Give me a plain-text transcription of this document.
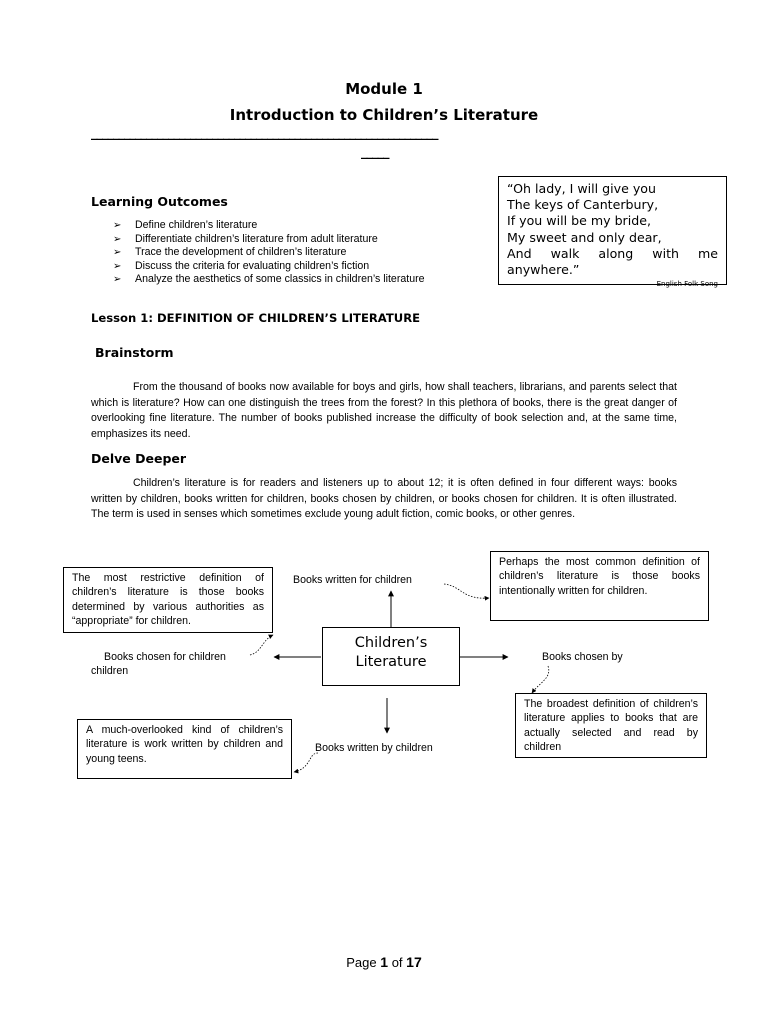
Module 1
Introduction to Children’s Literature
_______________________________________________________________
_____
Learning Outcomes
➢	Define children’s literature
➢	Differentiate children’s literature from adult literature
➢	Trace the development of children’s literature
➢	Discuss the criteria for evaluating children’s fiction
➢	Analyze the aesthetics of some classics in children’s literature
“Oh lady, I will give you
The keys of Canterbury,
If you will be my bride,
My sweet and only dear,
And walk along with me
anywhere.”
English Folk Song
Lesson 1: DEFINITION OF CHILDREN’S LITERATURE
Brainstorm
From the thousand of books now available for boys and girls, how shall teachers, librarians, and parents select that which is literature? How can one distinguish the trees from the forest? In this plethora of books, there is the great danger of overlooking fine literature. The number of books published increase the difficulty of book selection and, at the same time, emphasizes its need.
Delve Deeper
Children’s literature is for readers and listeners up to about 12; it is often defined in four different ways: books written by children, books written for children, books chosen by children, or books chosen for children. It is often illustrated. The term is used in senses which sometimes exclude young adult fiction, comic books, or other genres.
Children’s Literature
Books written for children
Books chosen for children children
Books chosen by
Books written by children
The most restrictive definition of children’s literature is those books determined by various authorities as “appropriate” for children.
Perhaps the most common definition of children’s literature is those books intentionally written for children.
The broadest definition of children’s literature applies to books that are actually selected and read by children
A much-overlooked kind of children’s literature is work written by children and young teens.
Page 1 of 17
